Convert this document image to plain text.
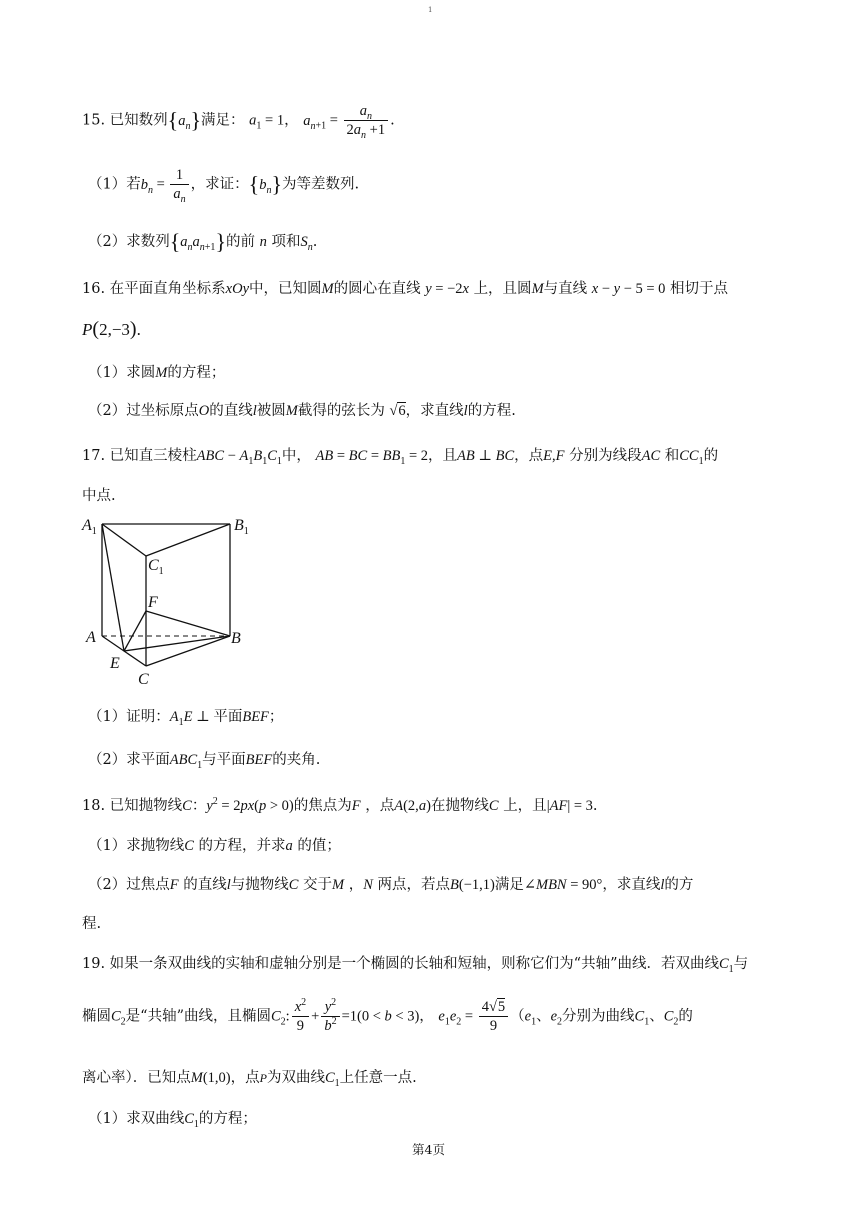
1
15. 已知数列$\{a_n\}$满足： $a_1 = 1$， $a_{n+1} = \frac{a_n}{2a_n +1}$ .
（1）若$b_n = \frac{1}{a_n}$ ，求证：$\{b_n\}$为等差数列.
（2）求数列$\{a_na_{n+1}\}$的前 n 项和$S_n$.
16. 在平面直角坐标系xOy中，已知圆M的圆心在直线 y = −2x 上，且圆M与直线 x − y − 5 = 0 相切于点
P(2,−3).
（1）求圆M的方程；
（2）过坐标原点O的直线l被圆M截得的弦长为 √6，求直线l的方程.
17. 已知直三棱柱ABC − $A_1B_1C_1$中， AB = BC = $BB_1 = 2$，且AB ⊥ BC，点E,F 分别为线段AC 和$CC_1$的
中点.
$A_1$	$B_1$
$C_1$
F
A	B
E
C
（1）证明：$A_1E$ ⊥ 平面BEF；
（2）求平面$ABC_1$与平面BEF的夹角.
18. 已知抛物线C：$y^2 = 2px(p > 0)$的焦点为F ，点A(2,a)在抛物线C 上，且|AF| = 3.
（1）求抛物线C 的方程，并求a 的值；
（2）过焦点F 的直线l与抛物线C 交于M ，N 两点，若点B(−1,1)满足∠MBN = 90°，求直线l的方
程.
19. 如果一条双曲线的实轴和虚轴分别是一个椭圆的长轴和短轴，则称它们为“共轴”曲线．若双曲线$C_1$与
椭圆$C_2$是“共轴”曲线，且椭圆$C_2$: $\frac{x^2}{9} + \frac{y^2}{b^2} =1(0 < b < 3)$， $e_1e_2 = \frac{4√5}{9} (e_1$、$e_2$分别为曲线$C_1$、$C_2$的
离心率）．已知点M(1,0)，点P为双曲线$C_1$上任意一点.
（1）求双曲线$C_1$的方程；
第4页
